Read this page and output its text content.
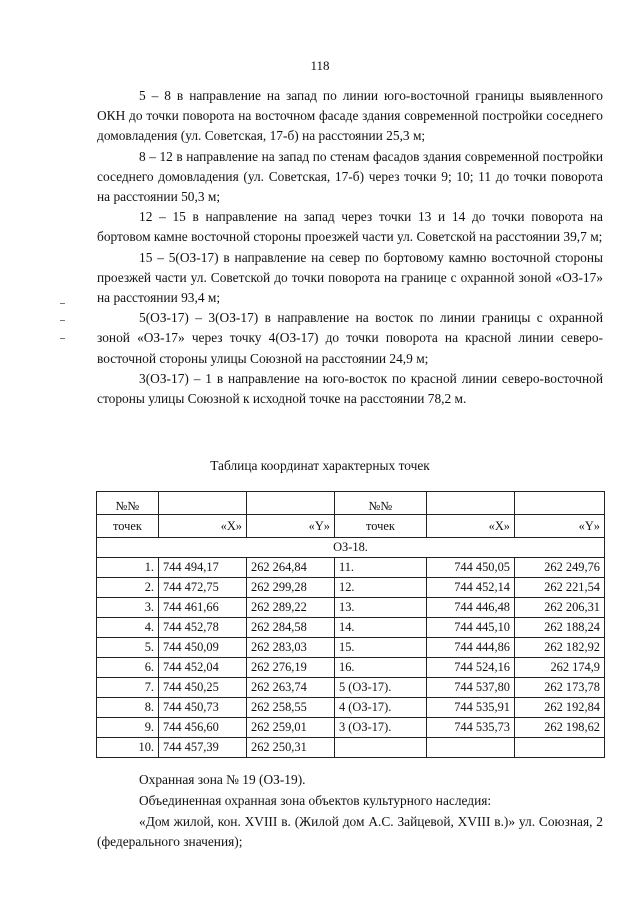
118

5 – 8 в направление на запад по линии юго-восточной границы выявленного ОКН до точки поворота на восточном фасаде здания современной постройки соседнего домовладения (ул. Советская, 17-б) на расстоянии 25,3 м;

8 – 12 в направление на запад по стенам фасадов здания современной постройки соседнего домовладения (ул. Советская, 17-б) через точки 9; 10; 11 до точки поворота на расстоянии 50,3 м;

12 – 15 в направление на запад через точки 13 и 14 до точки поворота на бортовом камне восточной стороны проезжей части ул. Советской на расстоянии 39,7 м;

15 – 5(ОЗ-17) в направление на север по бортовому камню восточной стороны проезжей части ул. Советской до точки поворота на границе с охранной зоной «ОЗ-17» на расстоянии 93,4 м;

5(ОЗ-17) – 3(ОЗ-17) в направление на восток по линии границы с охранной зоной «ОЗ-17» через точку 4(ОЗ-17) до точки поворота на красной линии северо-восточной стороны улицы Союзной на расстоянии 24,9 м;

3(ОЗ-17) – 1 в направление на юго-восток по красной линии северо-восточной стороны улицы Союзной к исходной точке на расстоянии 78,2 м.

Таблица координат характерных точек
№№			№№		
точек	«X»	«Y»	точек	«X»	«Y»
ОЗ-18.					
1.	744 494,17	262 264,84	11.	744 450,05	262 249,76
2.	744 472,75	262 299,28	12.	744 452,14	262 221,54
3.	744 461,66	262 289,22	13.	744 446,48	262 206,31
4.	744 452,78	262 284,58	14.	744 445,10	262 188,24
5.	744 450,09	262 283,03	15.	744 444,86	262 182,92
6.	744 452,04	262 276,19	16.	744 524,16	262 174,9
7.	744 450,25	262 263,74	5 (ОЗ-17).	744 537,80	262 173,78
8.	744 450,73	262 258,55	4 (ОЗ-17).	744 535,91	262 192,84
9.	744 456,60	262 259,01	3 (ОЗ-17).	744 535,73	262 198,62
10.	744 457,39	262 250,31			

Охранная зона № 19 (ОЗ-19).

Объединенная охранная зона объектов культурного наследия:

«Дом жилой, кон. XVIII в. (Жилой дом А.С. Зайцевой, XVIII в.)» ул. Союзная, 2 (федерального значения);
